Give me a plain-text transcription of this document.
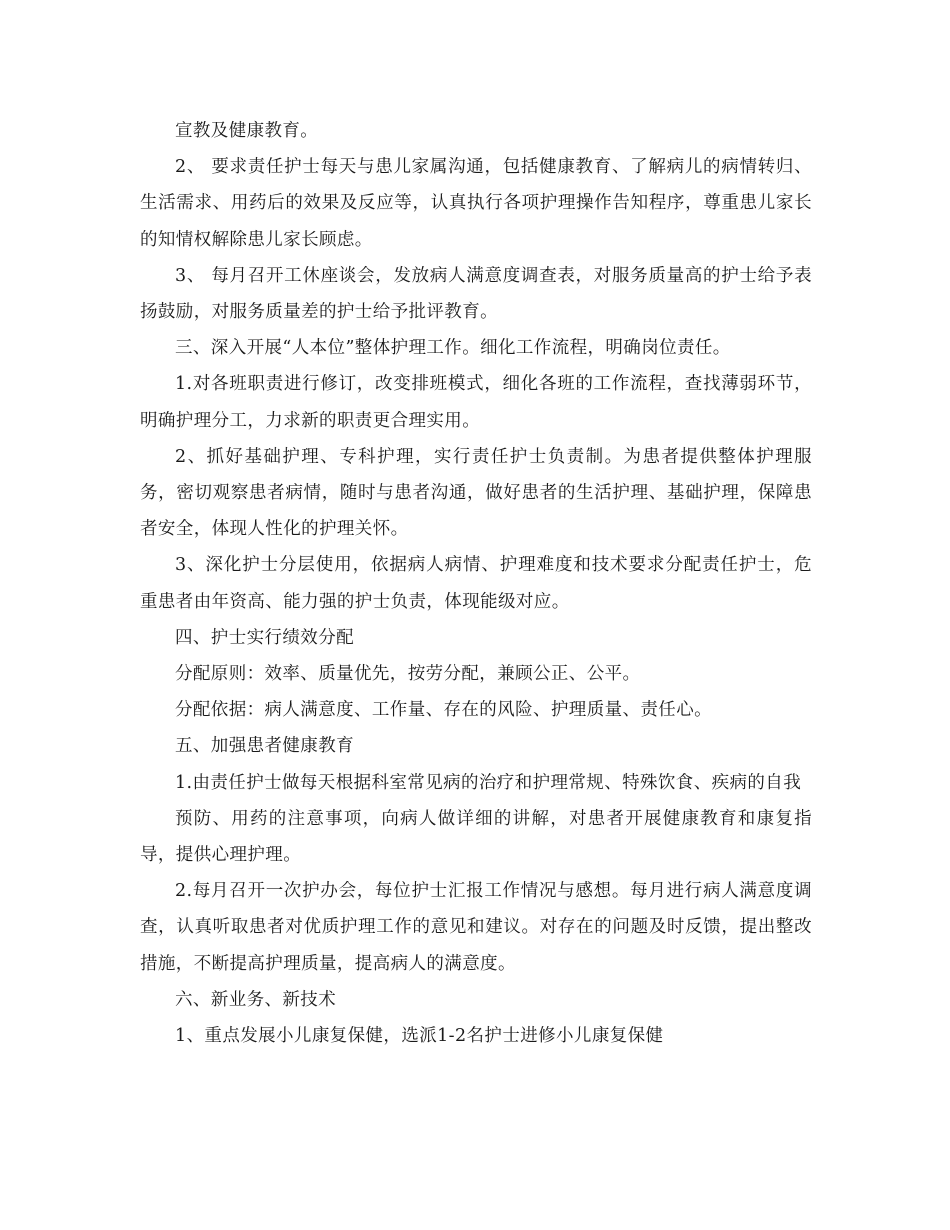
宣教及健康教育。

2、 要求责任护士每天与患儿家属沟通，包括健康教育、了解病儿的病情转归、生活需求、用药后的效果及反应等，认真执行各项护理操作告知程序，尊重患儿家长的知情权解除患儿家长顾虑。

3、 每月召开工休座谈会，发放病人满意度调查表，对服务质量高的护士给予表扬鼓励，对服务质量差的护士给予批评教育。

三、深入开展“人本位”整体护理工作。细化工作流程，明确岗位责任。

1.对各班职责进行修订，改变排班模式，细化各班的工作流程，查找薄弱环节，明确护理分工，力求新的职责更合理实用。

2、抓好基础护理、专科护理，实行责任护士负责制。为患者提供整体护理服务，密切观察患者病情，随时与患者沟通，做好患者的生活护理、基础护理，保障患者安全，体现人性化的护理关怀。

3、深化护士分层使用，依据病人病情、护理难度和技术要求分配责任护士，危重患者由年资高、能力强的护士负责，体现能级对应。

四、护士实行绩效分配

分配原则：效率、质量优先，按劳分配，兼顾公正、公平。

分配依据：病人满意度、工作量、存在的风险、护理质量、责任心。

五、加强患者健康教育

1.由责任护士做每天根据科室常见病的治疗和护理常规、特殊饮食、疾病的自我

预防、用药的注意事项，向病人做详细的讲解，对患者开展健康教育和康复指导，提供心理护理。

2.每月召开一次护办会，每位护士汇报工作情况与感想。每月进行病人满意度调查，认真听取患者对优质护理工作的意见和建议。对存在的问题及时反馈，提出整改措施，不断提高护理质量，提高病人的满意度。

六、新业务、新技术

1、重点发展小儿康复保健，选派1-2名护士进修小儿康复保健
